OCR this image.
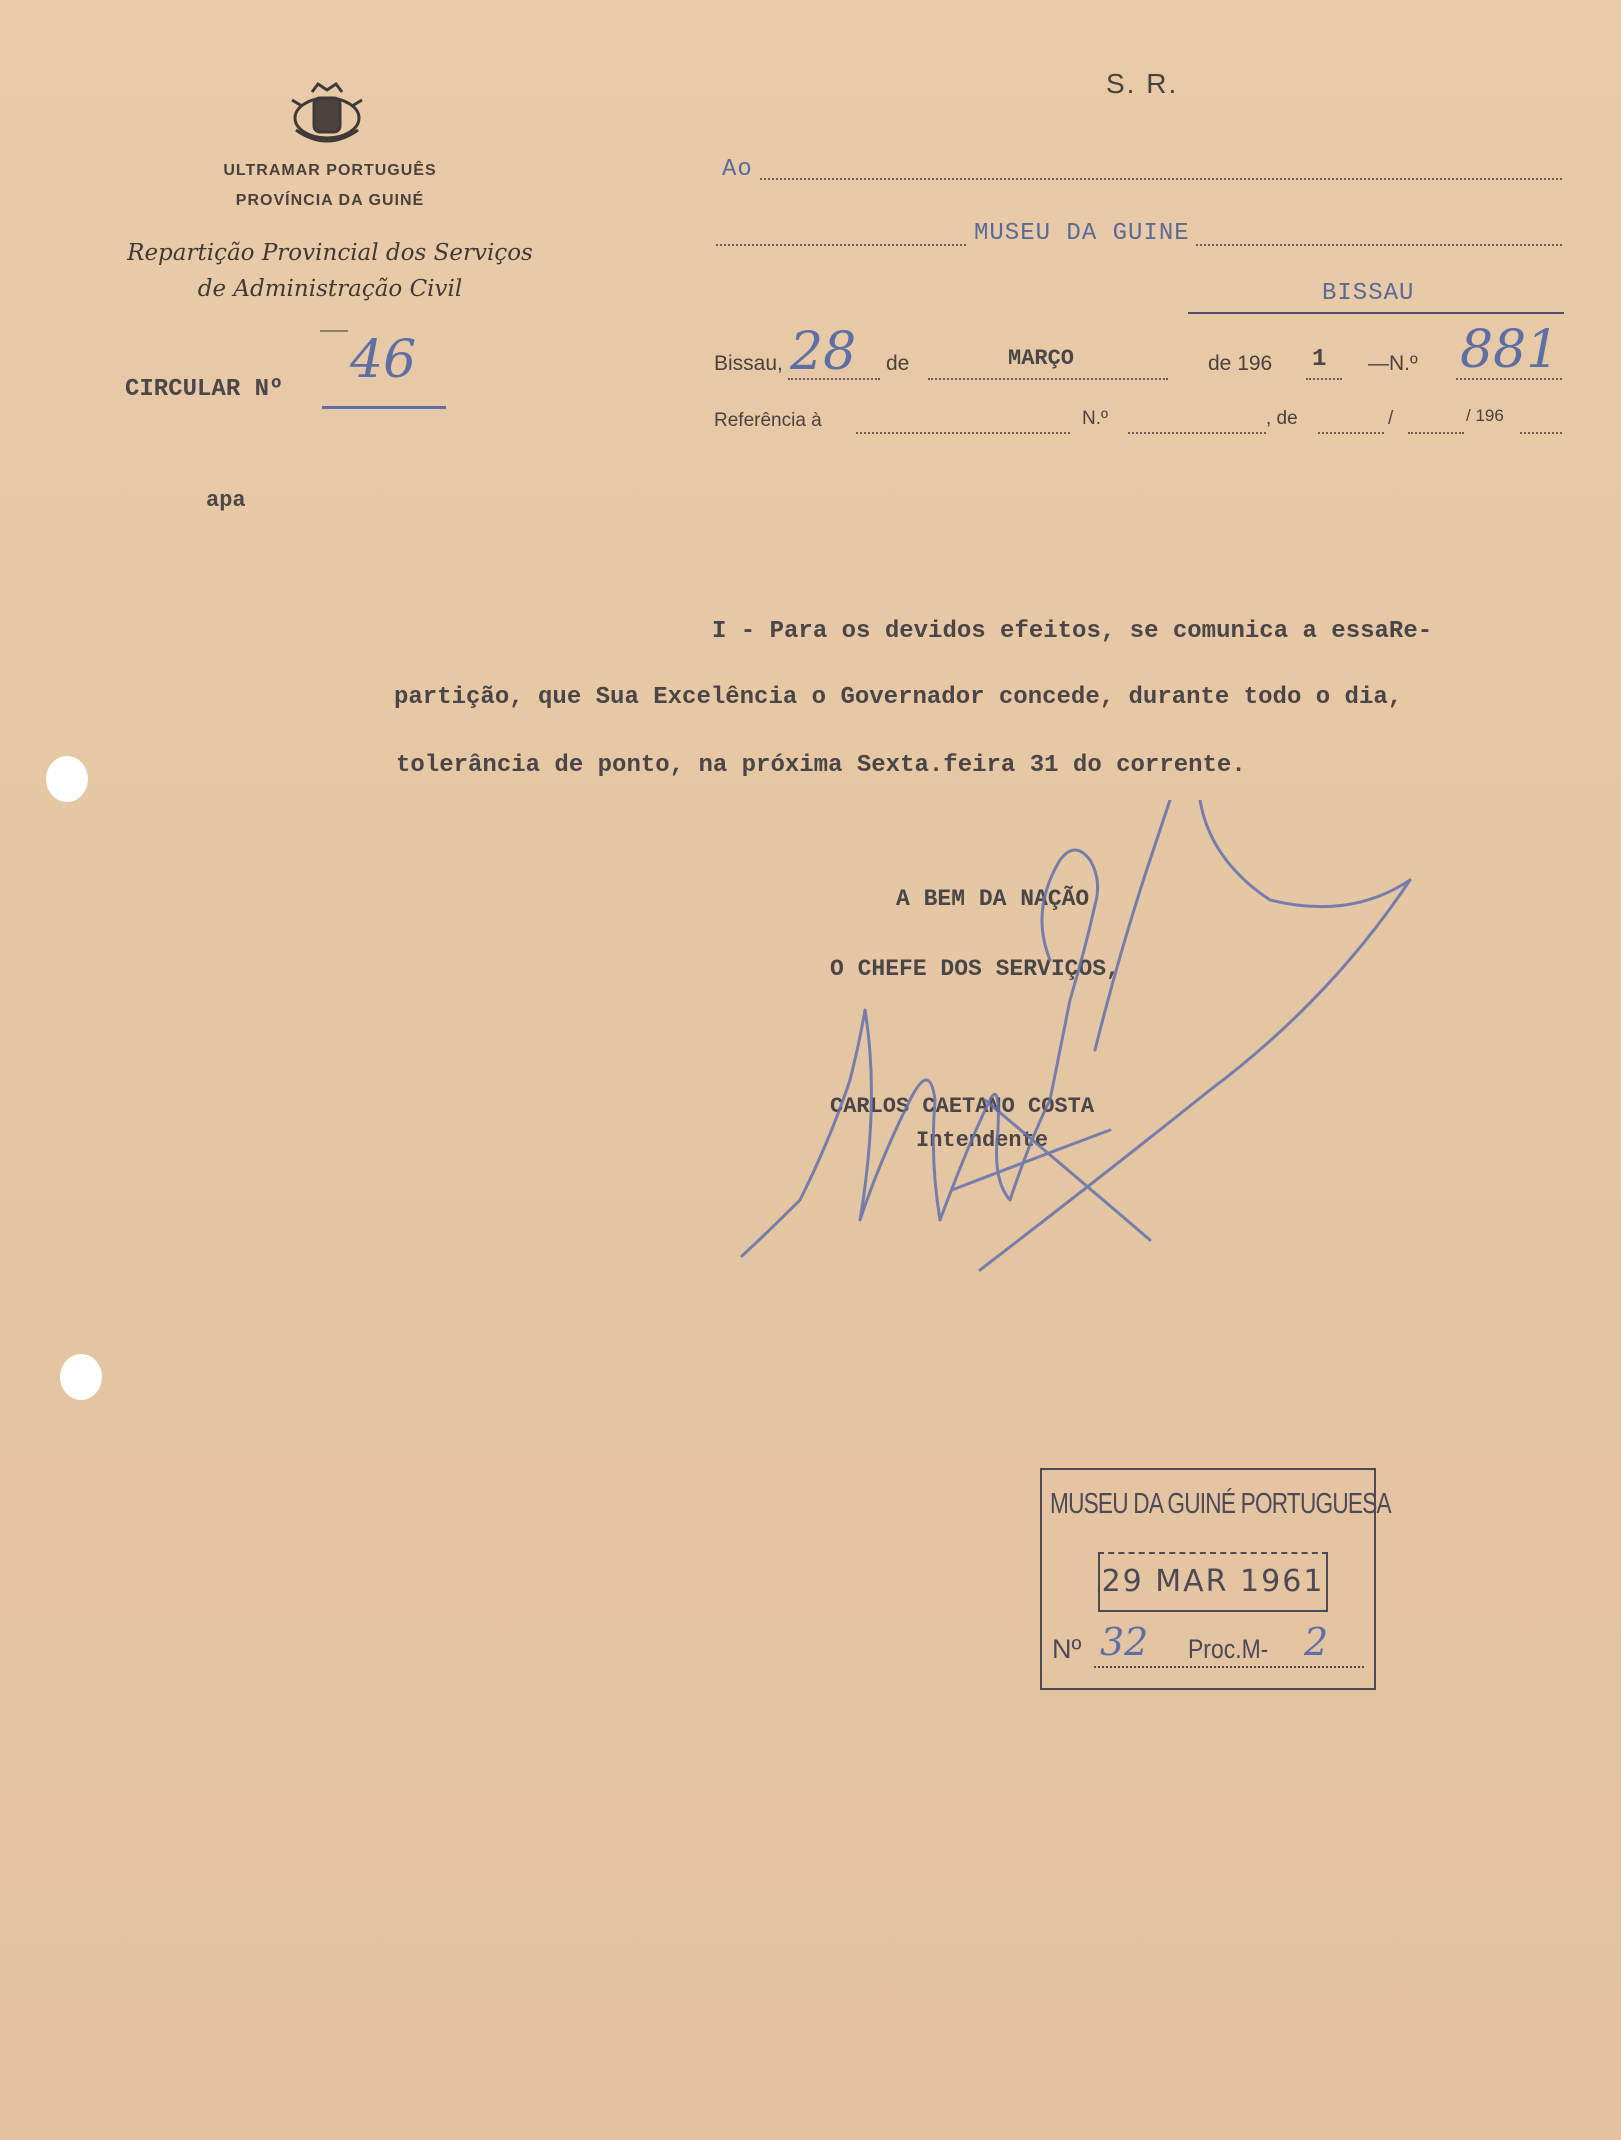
ULTRAMAR PORTUGUÊS
PROVÍNCIA DA GUINÉ
Repartição Provincial dos Serviços
de Administração Civil
CIRCULAR Nº 46
apa
S. R.
Ao
MUSEU DA GUINE
BISSAU
Bissau, 28 de	MARÇO	de 196 1 —N.º 881
Referência à	N.º	, de	/	/ 196
I - Para os devidos efeitos, se comunica a essaRe-
partição, que Sua Excelência o Governador concede, durante todo o dia,
tolerância de ponto, na próxima Sexta.feira 31 do corrente.
A BEM DA NAÇÃO
O CHEFE DOS SERVIÇOS,
CARLOS CAETANO COSTA
Intendente
MUSEU DA GUINÉ PORTUGUESA
29 MAR 1961
Nº 32 Proc.M- 2
